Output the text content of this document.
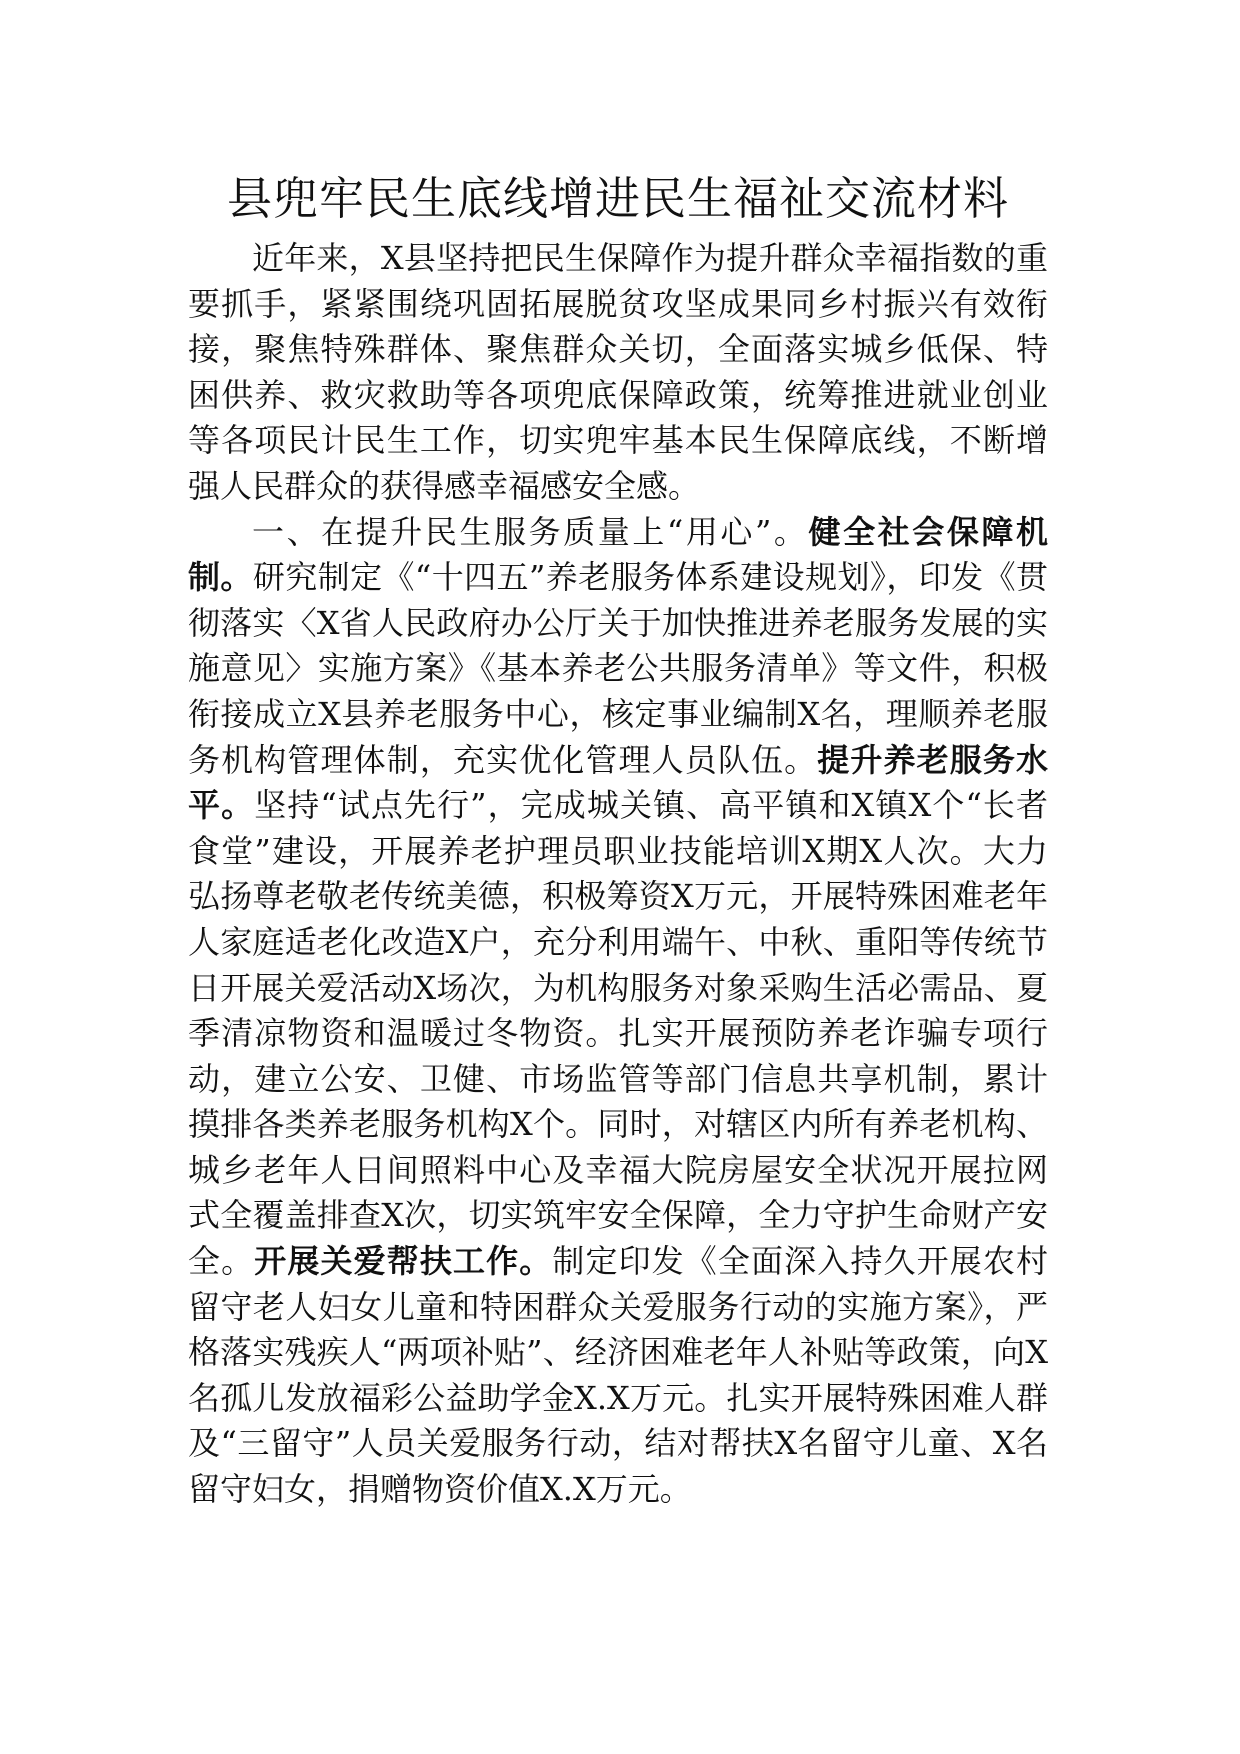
县兜牢民生底线增进民生福祉交流材料

近年来，X县坚持把民生保障作为提升群众幸福指数的重要抓手，紧紧围绕巩固拓展脱贫攻坚成果同乡村振兴有效衔接，聚焦特殊群体、聚焦群众关切，全面落实城乡低保、特困供养、救灾救助等各项兜底保障政策，统筹推进就业创业等各项民计民生工作，切实兜牢基本民生保障底线，不断增强人民群众的获得感幸福感安全感。

一、在提升民生服务质量上“用心”。健全社会保障机制。研究制定《“十四五”养老服务体系建设规划》，印发《贯彻落实〈X省人民政府办公厅关于加快推进养老服务发展的实施意见〉实施方案》《基本养老公共服务清单》等文件，积极衔接成立X县养老服务中心，核定事业编制X名，理顺养老服务机构管理体制，充实优化管理人员队伍。提升养老服务水平。坚持“试点先行”，完成城关镇、高平镇和X镇X个“长者食堂”建设，开展养老护理员职业技能培训X期X人次。大力弘扬尊老敬老传统美德，积极筹资X万元，开展特殊困难老年人家庭适老化改造X户，充分利用端午、中秋、重阳等传统节日开展关爱活动X场次，为机构服务对象采购生活必需品、夏季清凉物资和温暖过冬物资。扎实开展预防养老诈骗专项行动，建立公安、卫健、市场监管等部门信息共享机制，累计摸排各类养老服务机构X个。同时，对辖区内所有养老机构、城乡老年人日间照料中心及幸福大院房屋安全状况开展拉网式全覆盖排查X次，切实筑牢安全保障，全力守护生命财产安全。开展关爱帮扶工作。制定印发《全面深入持久开展农村留守老人妇女儿童和特困群众关爱服务行动的实施方案》，严格落实残疾人“两项补贴”、经济困难老年人补贴等政策，向X名孤儿发放福彩公益助学金X.X万元。扎实开展特殊困难人群及“三留守”人员关爱服务行动，结对帮扶X名留守儿童、X名留守妇女，捐赠物资价值X.X万元。
